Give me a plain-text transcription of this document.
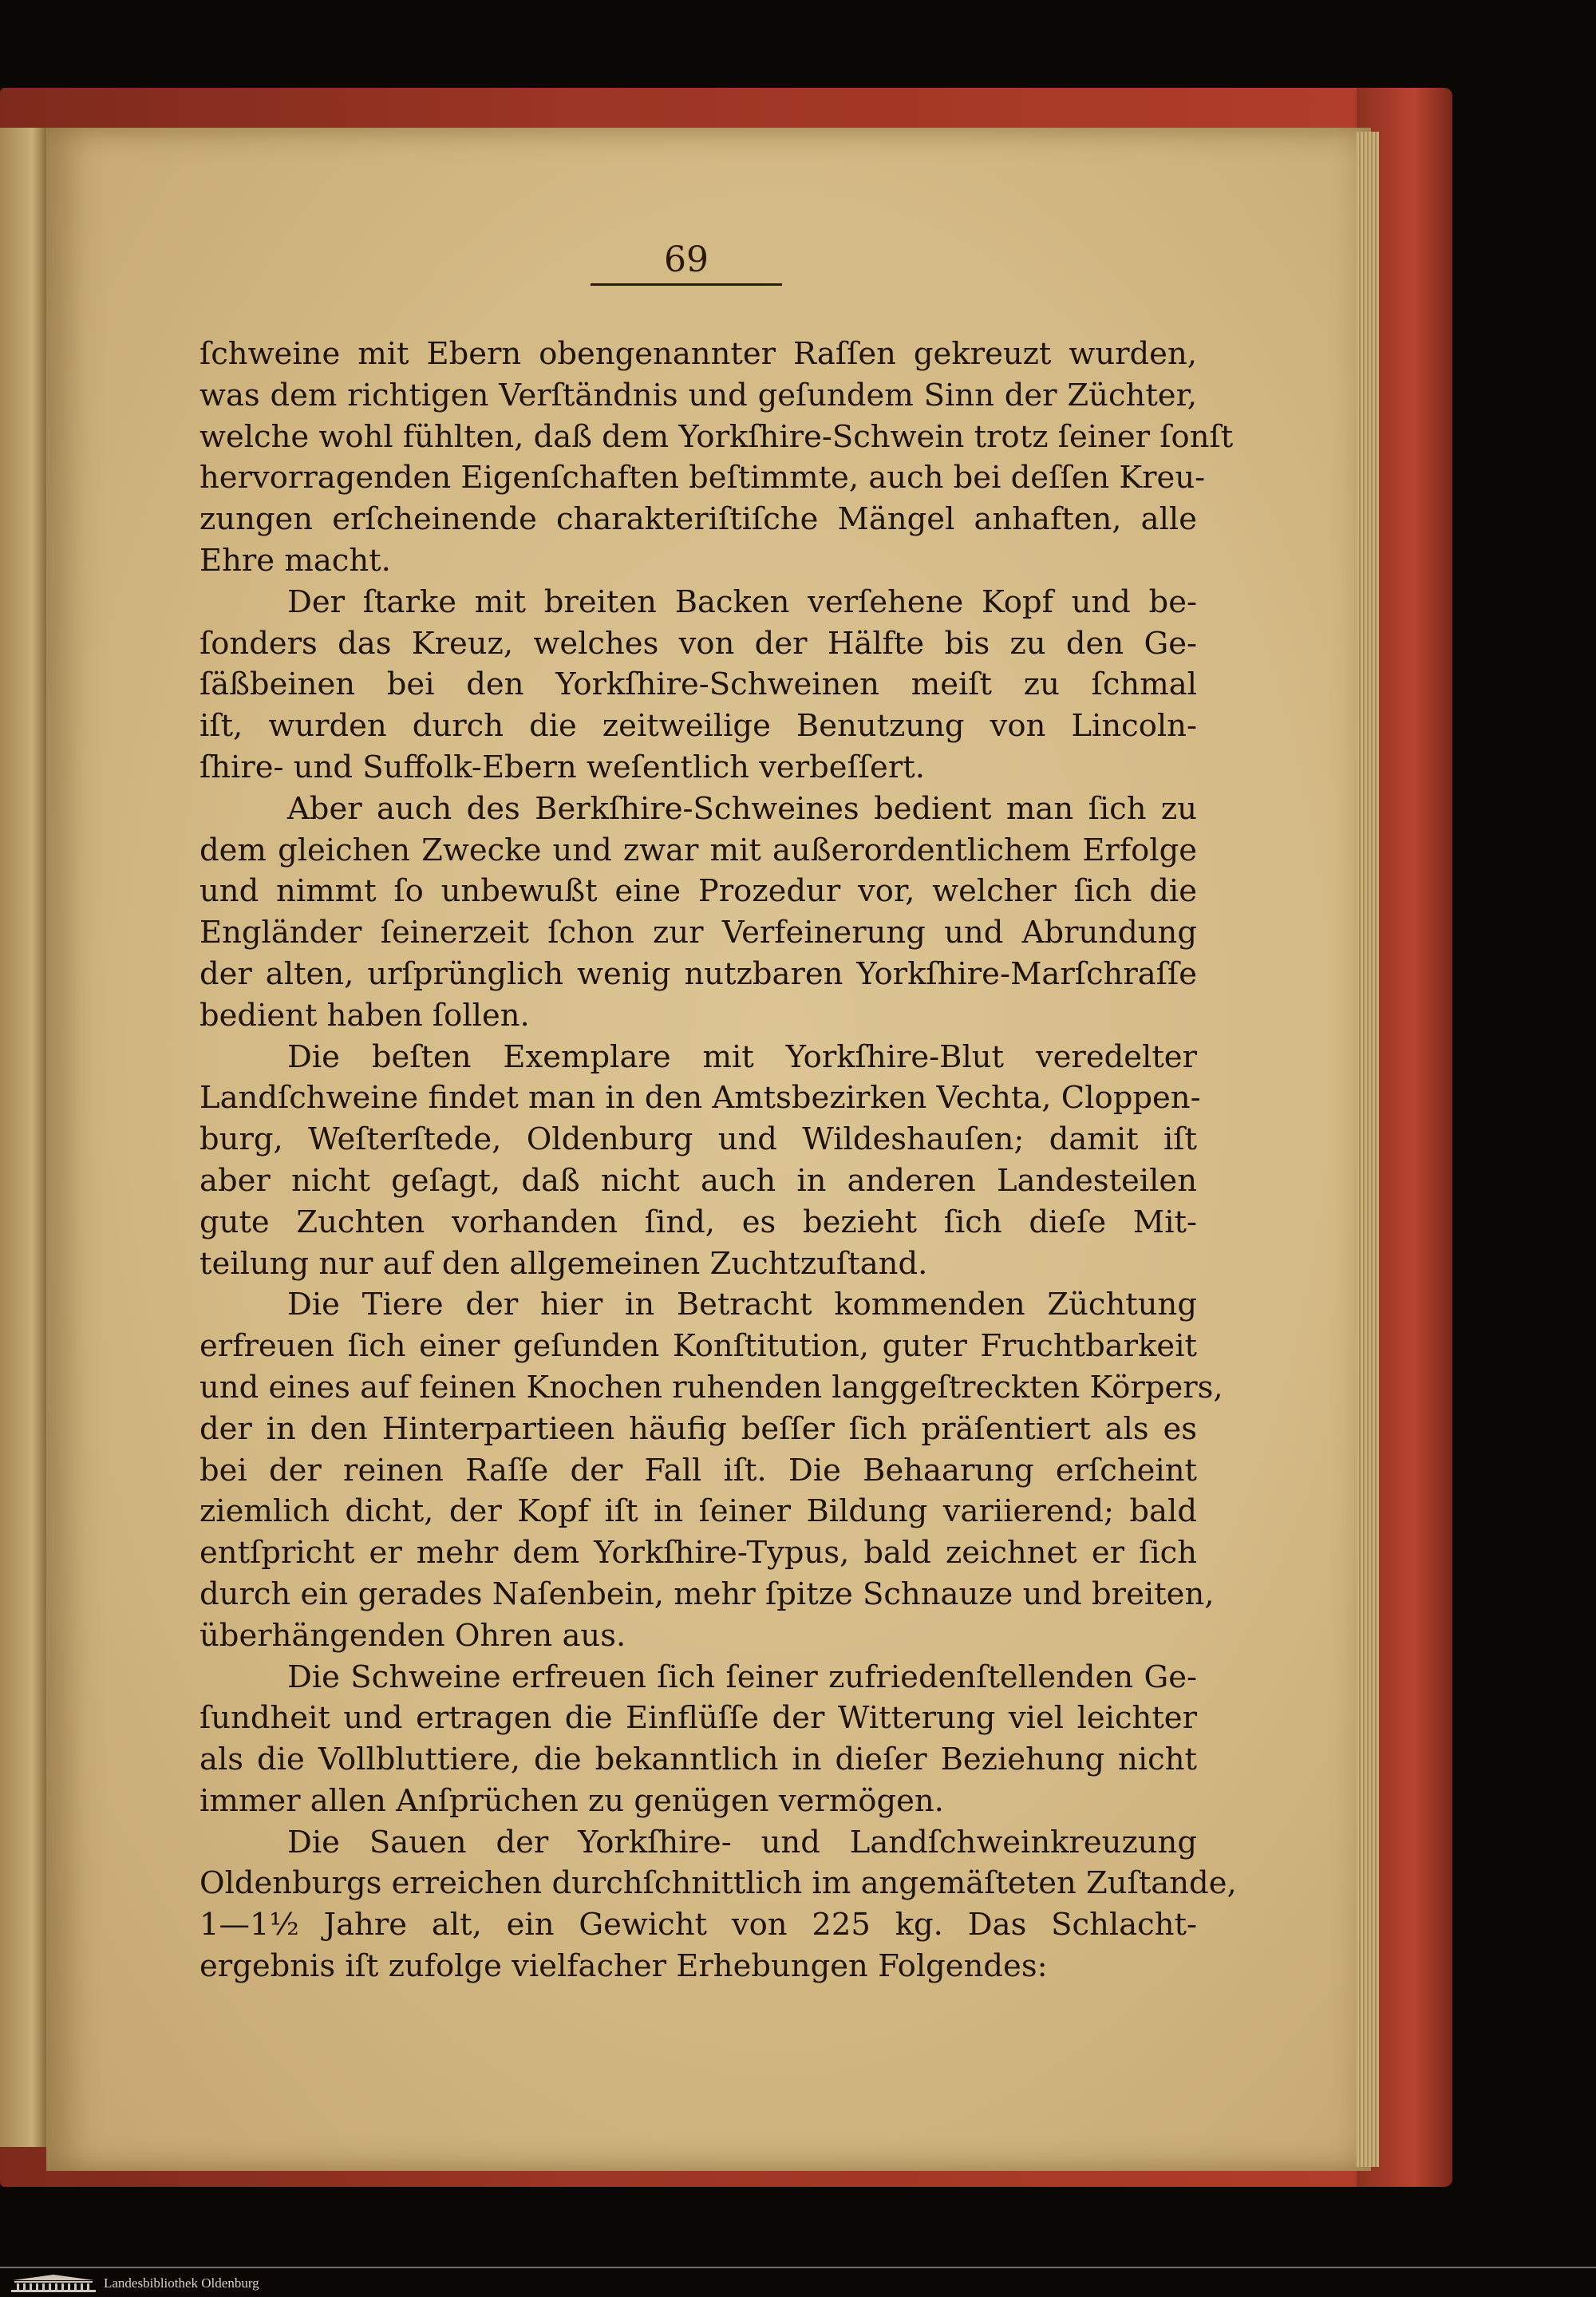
69
ſchweine mit Ebern obengenannter Raſſen gekreuzt wurden,
was dem richtigen Verſtändnis und geſundem Sinn der Züchter,
welche wohl fühlten, daß dem Yorkſhire-Schwein trotz ſeiner ſonſt
hervorragenden Eigenſchaften beſtimmte, auch bei deſſen Kreu-
zungen erſcheinende charakteriſtiſche Mängel anhaften, alle
Ehre macht.
Der ſtarke mit breiten Backen verſehene Kopf und be-
ſonders das Kreuz, welches von der Hälfte bis zu den Ge-
ſäßbeinen bei den Yorkſhire-Schweinen meiſt zu ſchmal
iſt, wurden durch die zeitweilige Benutzung von Lincoln-
ſhire- und Suffolk-Ebern weſentlich verbeſſert.
Aber auch des Berkſhire-Schweines bedient man ſich zu
dem gleichen Zwecke und zwar mit außerordentlichem Erfolge
und nimmt ſo unbewußt eine Prozedur vor, welcher ſich die
Engländer ſeinerzeit ſchon zur Verfeinerung und Abrundung
der alten, urſprünglich wenig nutzbaren Yorkſhire-Marſchraſſe
bedient haben ſollen.
Die beſten Exemplare mit Yorkſhire-Blut veredelter
Landſchweine findet man in den Amtsbezirken Vechta, Cloppen-
burg, Weſterſtede, Oldenburg und Wildeshauſen; damit iſt
aber nicht geſagt, daß nicht auch in anderen Landesteilen
gute Zuchten vorhanden ſind, es bezieht ſich dieſe Mit-
teilung nur auf den allgemeinen Zuchtzuſtand.
Die Tiere der hier in Betracht kommenden Züchtung
erfreuen ſich einer geſunden Konſtitution, guter Fruchtbarkeit
und eines auf feinen Knochen ruhenden langgeſtreckten Körpers,
der in den Hinterpartieen häufig beſſer ſich präſentiert als es
bei der reinen Raſſe der Fall iſt. Die Behaarung erſcheint
ziemlich dicht, der Kopf iſt in ſeiner Bildung variierend; bald
entſpricht er mehr dem Yorkſhire-Typus, bald zeichnet er ſich
durch ein gerades Naſenbein, mehr ſpitze Schnauze und breiten,
überhängenden Ohren aus.
Die Schweine erfreuen ſich ſeiner zufriedenſtellenden Ge-
ſundheit und ertragen die Einflüſſe der Witterung viel leichter
als die Vollbluttiere, die bekanntlich in dieſer Beziehung nicht
immer allen Anſprüchen zu genügen vermögen.
Die Sauen der Yorkſhire- und Landſchweinkreuzung
Oldenburgs erreichen durchſchnittlich im angemäſteten Zuſtande,
1—1½ Jahre alt, ein Gewicht von 225 kg. Das Schlacht-
ergebnis iſt zufolge vielfacher Erhebungen Folgendes:
Landesbibliothek Oldenburg
